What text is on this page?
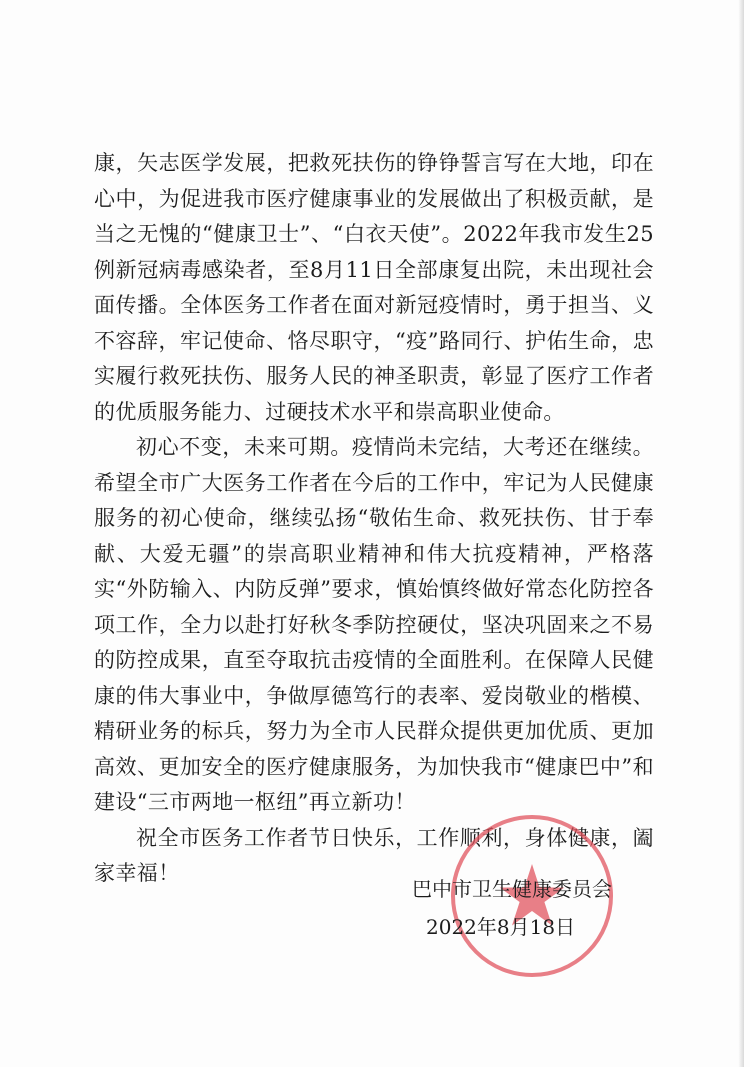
康，矢志医学发展，把救死扶伤的铮铮誓言写在大地，印在心中，为促进我市医疗健康事业的发展做出了积极贡献，是当之无愧的“健康卫士”、“白衣天使”。2022年我市发生25例新冠病毒感染者，至8月11日全部康复出院，未出现社会面传播。全体医务工作者在面对新冠疫情时，勇于担当、义不容辞，牢记使命、恪尽职守，“疫”路同行、护佑生命，忠实履行救死扶伤、服务人民的神圣职责，彰显了医疗工作者的优质服务能力、过硬技术水平和崇高职业使命。

初心不变，未来可期。疫情尚未完结，大考还在继续。希望全市广大医务工作者在今后的工作中，牢记为人民健康服务的初心使命，继续弘扬“敬佑生命、救死扶伤、甘于奉献、大爱无疆”的崇高职业精神和伟大抗疫精神，严格落实“外防输入、内防反弹”要求，慎始慎终做好常态化防控各项工作，全力以赴打好秋冬季防控硬仗，坚决巩固来之不易的防控成果，直至夺取抗击疫情的全面胜利。在保障人民健康的伟大事业中，争做厚德笃行的表率、爱岗敬业的楷模、精研业务的标兵，努力为全市人民群众提供更加优质、更加高效、更加安全的医疗健康服务，为加快我市“健康巴中”和建设“三市两地一枢纽”再立新功！

祝全市医务工作者节日快乐，工作顺利，身体健康，阖家幸福！

巴中市卫生健康委员会
2022年8月18日
